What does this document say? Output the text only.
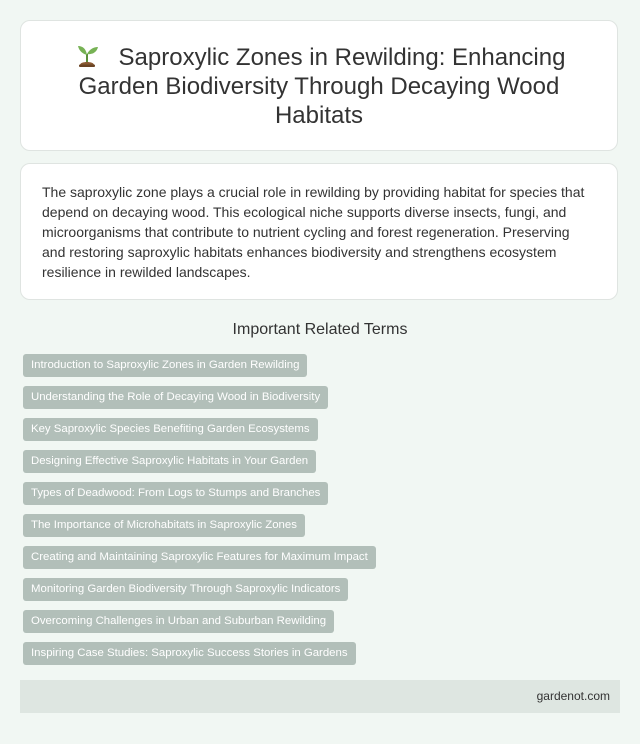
Saproxylic Zones in Rewilding: Enhancing Garden Biodiversity Through Decaying Wood Habitats

The saproxylic zone plays a crucial role in rewilding by providing habitat for species that depend on decaying wood. This ecological niche supports diverse insects, fungi, and microorganisms that contribute to nutrient cycling and forest regeneration. Preserving and restoring saproxylic habitats enhances biodiversity and strengthens ecosystem resilience in rewilded landscapes.

Important Related Terms
Introduction to Saproxylic Zones in Garden Rewilding
Understanding the Role of Decaying Wood in Biodiversity
Key Saproxylic Species Benefiting Garden Ecosystems
Designing Effective Saproxylic Habitats in Your Garden
Types of Deadwood: From Logs to Stumps and Branches
The Importance of Microhabitats in Saproxylic Zones
Creating and Maintaining Saproxylic Features for Maximum Impact
Monitoring Garden Biodiversity Through Saproxylic Indicators
Overcoming Challenges in Urban and Suburban Rewilding
Inspiring Case Studies: Saproxylic Success Stories in Gardens
gardenot.com
